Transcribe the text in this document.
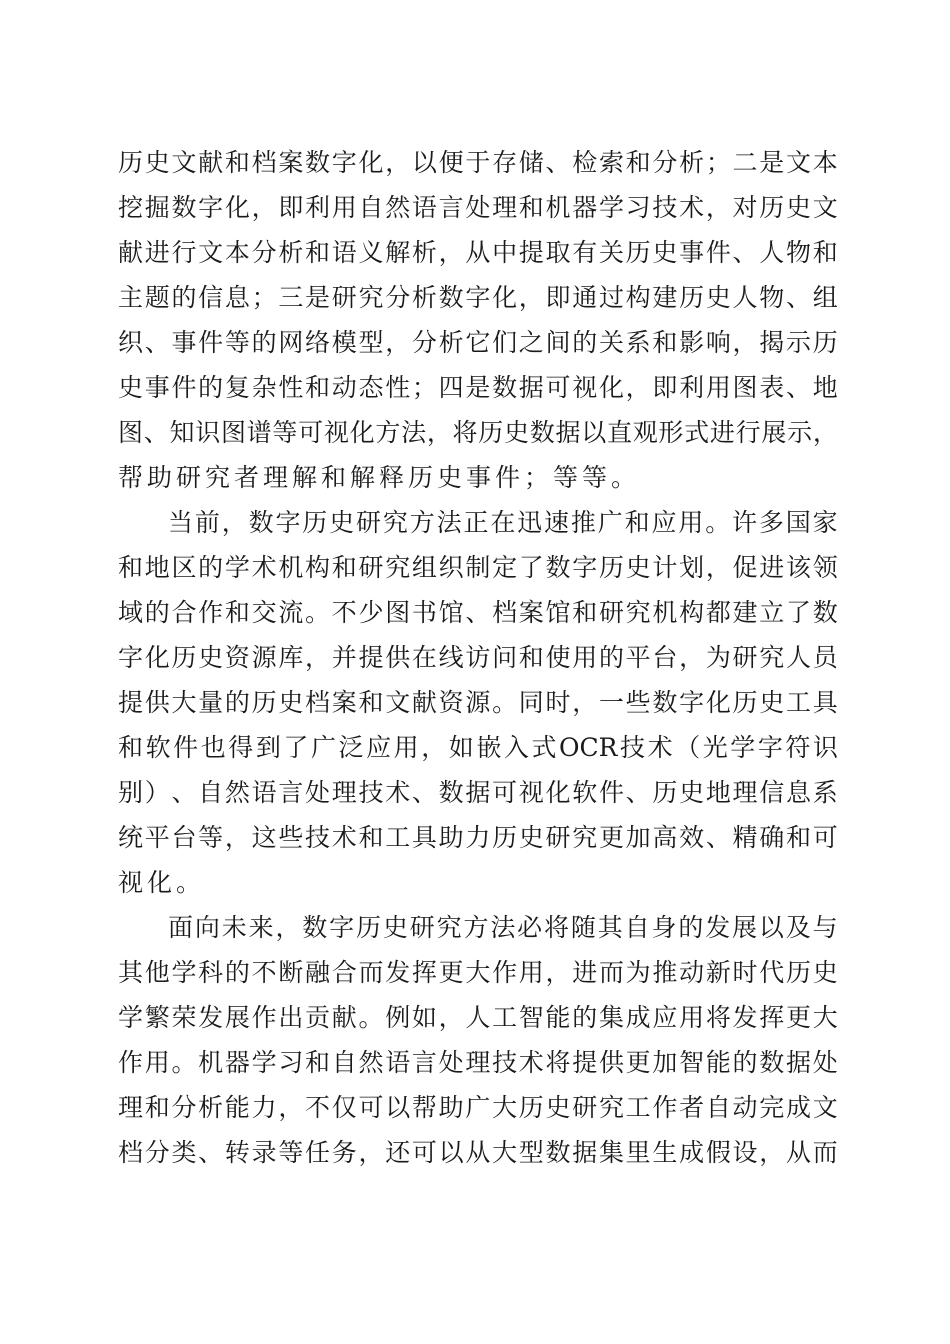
历 史 文 献 和 档 案 数 字 化 ， 以 便 于 存 储 、 检 索 和 分 析 ； 二 是 文 本
挖 掘 数 字 化 ， 即 利 用 自 然 语 言 处 理 和 机 器 学 习 技 术 ， 对 历 史 文
献 进 行 文 本 分 析 和 语 义 解 析 ， 从 中 提 取 有 关 历 史 事 件 、 人 物 和
主 题 的 信 息 ； 三 是 研 究 分 析 数 字 化 ， 即 通 过 构 建 历 史 人 物 、 组
织 、 事 件 等 的 网 络 模 型 ， 分 析 它 们 之 间 的 关 系 和 影 响 ， 揭 示 历
史 事 件 的 复 杂 性 和 动 态 性 ； 四 是 数 据 可 视 化 ， 即 利 用 图 表 、 地
图 、 知 识 图 谱 等 可 视 化 方 法 ， 将 历 史 数 据 以 直 观 形 式 进 行 展 示 ，
帮助研究者理解和解释历史事件；等等。
当 前 ， 数 字 历 史 研 究 方 法 正 在 迅 速 推 广 和 应 用 。 许 多 国 家
和 地 区 的 学 术 机 构 和 研 究 组 织 制 定 了 数 字 历 史 计 划 ， 促 进 该 领
域 的 合 作 和 交 流 。 不 少 图 书 馆 、 档 案 馆 和 研 究 机 构 都 建 立 了 数
字 化 历 史 资 源 库 ， 并 提 供 在 线 访 问 和 使 用 的 平 台 ， 为 研 究 人 员
提 供 大 量 的 历 史 档 案 和 文 献 资 源 。 同 时 ， 一 些 数 字 化 历 史 工 具
和 软 件 也 得 到 了 广 泛 应 用 ， 如 嵌 入 式 OCR 技 术 （ 光 学 字 符 识
别 ） 、 自 然 语 言 处 理 技 术 、 数 据 可 视 化 软 件 、 历 史 地 理 信 息 系
统 平 台 等 ， 这 些 技 术 和 工 具 助 力 历 史 研 究 更 加 高 效 、 精 确 和 可
视化。
面 向 未 来 ， 数 字 历 史 研 究 方 法 必 将 随 其 自 身 的 发 展 以 及 与
其 他 学 科 的 不 断 融 合 而 发 挥 更 大 作 用 ， 进 而 为 推 动 新 时 代 历 史
学 繁 荣 发 展 作 出 贡 献 。 例 如 ， 人 工 智 能 的 集 成 应 用 将 发 挥 更 大
作 用 。 机 器 学 习 和 自 然 语 言 处 理 技 术 将 提 供 更 加 智 能 的 数 据 处
理 和 分 析 能 力 ， 不 仅 可 以 帮 助 广 大 历 史 研 究 工 作 者 自 动 完 成 文
档 分 类 、 转 录 等 任 务 ， 还 可 以 从 大 型 数 据 集 里 生 成 假 设 ， 从 而
